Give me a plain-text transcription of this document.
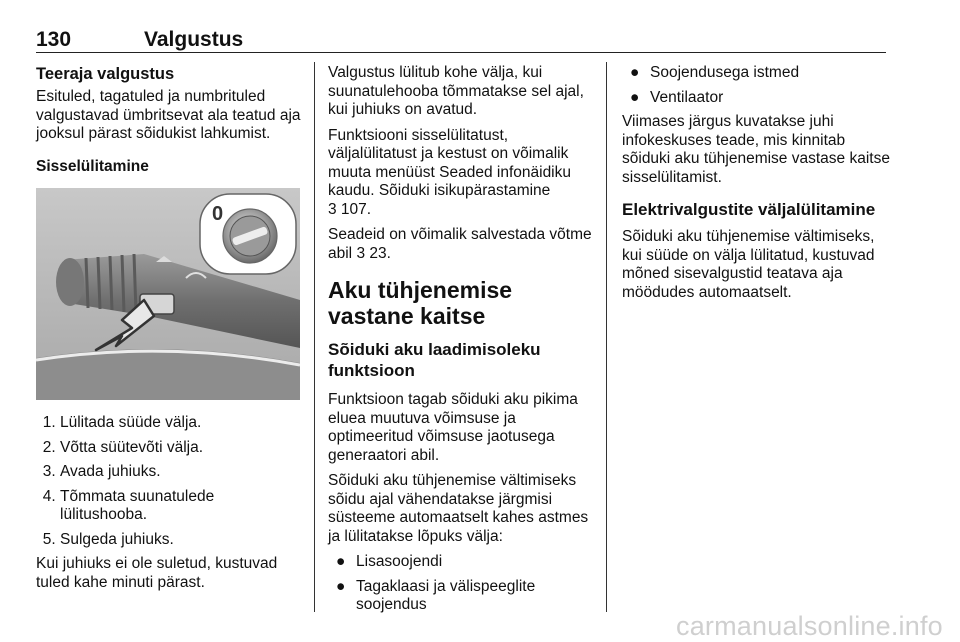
130	Valgustus
Teeraja valgustus

Esituled, tagatuled ja numbrituled valgustavad ümbritsevat ala teatud aja jooksul pärast sõidukist lahkumist.

Sisselülitamine
0
1. Lülitada süüde välja.
2. Võtta süütevõti välja.
3. Avada juhiuks.
4. Tõmmata suunatulede lülitushooba.
5. Sulgeda juhiuks.

Kui juhiuks ei ole suletud, kustuvad tuled kahe minuti pärast.

Valgustus lülitub kohe välja, kui suunatulehooba tõmmatakse sel ajal, kui juhiuks on avatud.

Funktsiooni sisselülitatust, väljalülitatust ja kestust on võimalik muuta menüüst Seaded infonäidiku kaudu. Sõiduki isikupärastamine
3 107.

Seadeid on võimalik salvestada võtme abil 3 23.

Aku tühjenemise vastane kaitse
Sõiduki aku laadimisoleku funktsioon

Funktsioon tagab sõiduki aku pikima eluea muutuva võimsuse ja optimeeritud võimsuse jaotusega generaatori abil.

Sõiduki aku tühjenemise vältimiseks sõidu ajal vähendatakse järgmisi süsteeme automaatselt kahes astmes ja lülitatakse lõpuks välja:

● Lisasoojendi
● Tagaklaasi ja välispeeglite soojendus
● Soojendusega istmed
● Ventilaator

Viimases järgus kuvatakse juhi infokeskuses teade, mis kinnitab sõiduki aku tühjenemise vastase kaitse sisselülitamist.

Elektrivalgustite väljalülitamine

Sõiduki aku tühjenemise vältimiseks, kui süüde on välja lülitatud, kustuvad mõned sisevalgustid teatava aja möödudes automaatselt.

carmanualsonline.info
